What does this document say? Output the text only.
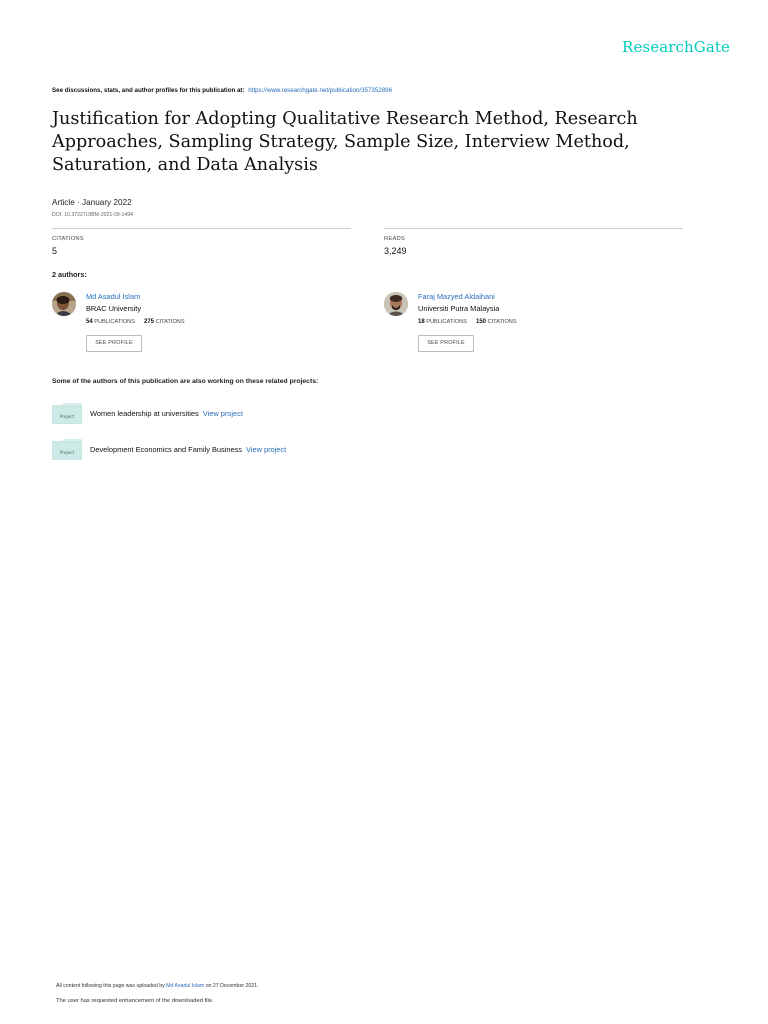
ResearchGate
See discussions, stats, and author profiles for this publication at: https://www.researchgate.net/publication/357352896
Justification for Adopting Qualitative Research Method, Research Approaches, Sampling Strategy, Sample Size, Interview Method, Saturation, and Data Analysis
Article · January 2022
DOI: 10.37227/JIBM-2021-09-1494
CITATIONS
5
READS
3,249
2 authors:
Md Asadul Islam
BRAC University
54 PUBLICATIONS 275 CITATIONS
SEE PROFILE
Faraj Mazyed Aldaihani
Universiti Putra Malaysia
18 PUBLICATIONS 150 CITATIONS
SEE PROFILE
Some of the authors of this publication are also working on these related projects:
Project Women leadership at universities View project
Project Development Economics and Family Business View project
All content following this page was uploaded by Md Asadul Islam on 27 December 2021.
The user has requested enhancement of the downloaded file.
